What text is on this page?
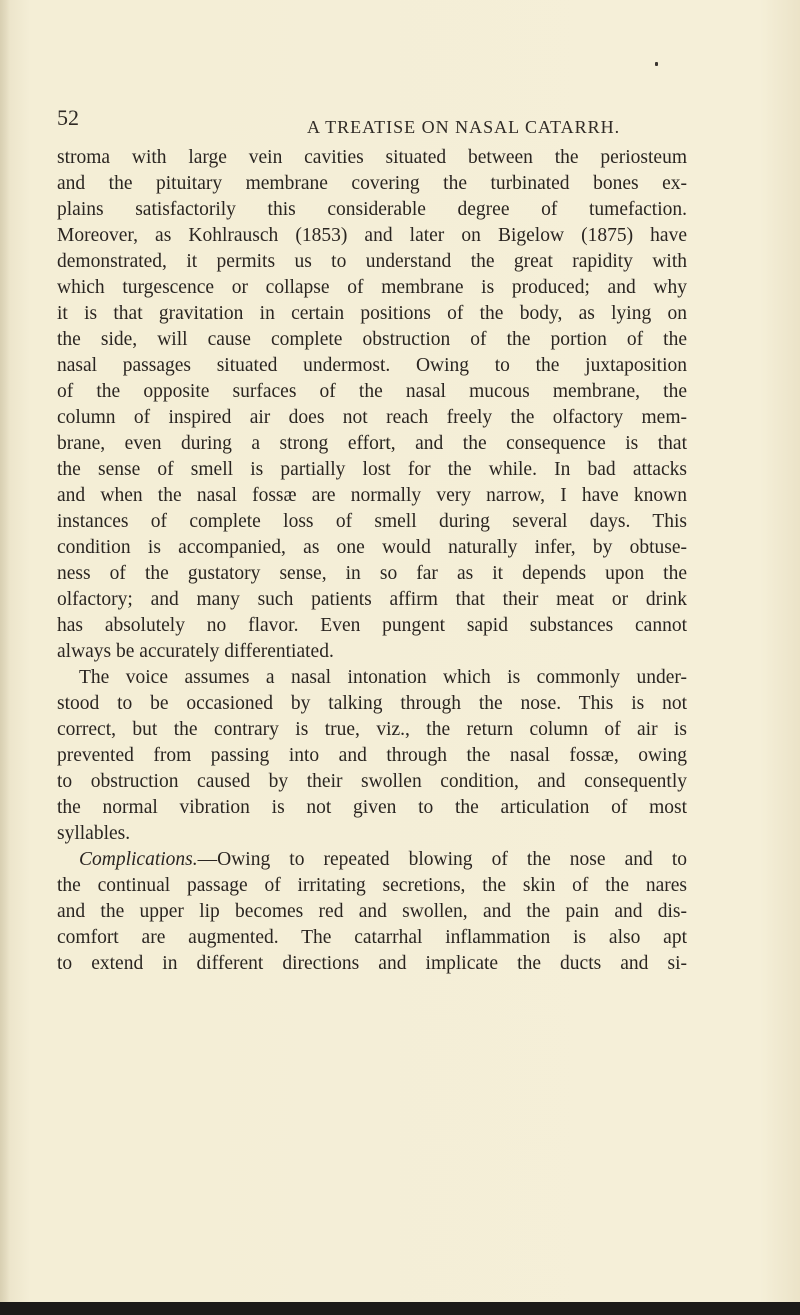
52	A TREATISE ON NASAL CATARRH.
stroma with large vein cavities situated between the periosteum
and the pituitary membrane covering the turbinated bones ex-
plains satisfactorily this considerable degree of tumefaction.
Moreover, as Kohlrausch (1853) and later on Bigelow (1875) have
demonstrated, it permits us to understand the great rapidity with
which turgescence or collapse of membrane is produced; and why
it is that gravitation in certain positions of the body, as lying on
the side, will cause complete obstruction of the portion of the
nasal passages situated undermost. Owing to the juxtaposition
of the opposite surfaces of the nasal mucous membrane, the
column of inspired air does not reach freely the olfactory mem-
brane, even during a strong effort, and the consequence is that
the sense of smell is partially lost for the while. In bad attacks
and when the nasal fossæ are normally very narrow, I have known
instances of complete loss of smell during several days. This
condition is accompanied, as one would naturally infer, by obtuse-
ness of the gustatory sense, in so far as it depends upon the
olfactory; and many such patients affirm that their meat or drink
has absolutely no flavor. Even pungent sapid substances cannot
always be accurately differentiated.
The voice assumes a nasal intonation which is commonly under-
stood to be occasioned by talking through the nose. This is not
correct, but the contrary is true, viz., the return column of air is
prevented from passing into and through the nasal fossæ, owing
to obstruction caused by their swollen condition, and consequently
the normal vibration is not given to the articulation of most
syllables.
Complications.—Owing to repeated blowing of the nose and to
the continual passage of irritating secretions, the skin of the nares
and the upper lip becomes red and swollen, and the pain and dis-
comfort are augmented. The catarrhal inflammation is also apt
to extend in different directions and implicate the ducts and si-
